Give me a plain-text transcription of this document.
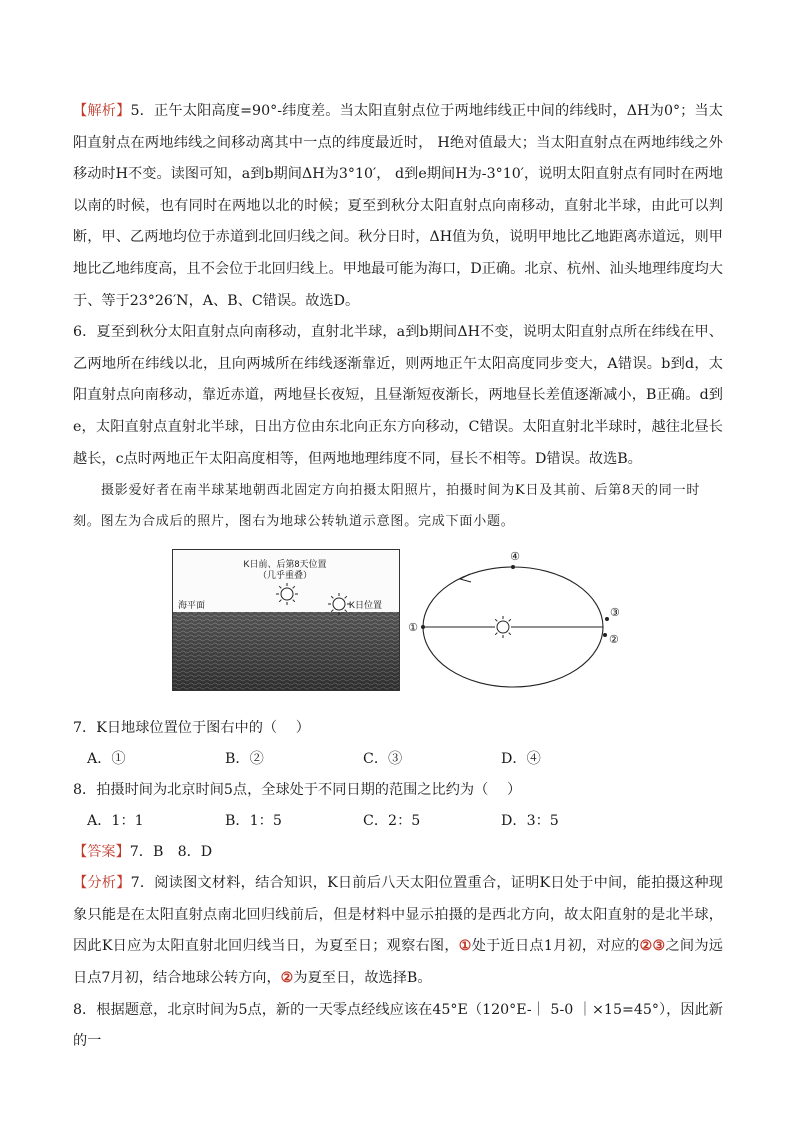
【解析】5．正午太阳高度=90°-纬度差。当太阳直射点位于两地纬线正中间的纬线时，ΔH为0°；当太阳直射点在两地纬线之间移动离其中一点的纬度最近时， H绝对值最大；当太阳直射点在两地纬线之外移动时H不变。读图可知，a到b期间ΔH为3°10′， d到e期间H为-3°10′，说明太阳直射点有同时在两地以南的时候，也有同时在两地以北的时候；夏至到秋分太阳直射点向南移动，直射北半球，由此可以判断，甲、乙两地均位于赤道到北回归线之间。秋分日时，ΔH值为负，说明甲地比乙地距离赤道远，则甲地比乙地纬度高，且不会位于北回归线上。甲地最可能为海口，D正确。北京、杭州、汕头地理纬度均大于、等于23°26′N，A、B、C错误。故选D。

6．夏至到秋分太阳直射点向南移动，直射北半球，a到b期间ΔH不变，说明太阳直射点所在纬线在甲、乙两地所在纬线以北，且向两城所在纬线逐渐靠近，则两地正午太阳高度同步变大，A错误。b到d，太阳直射点向南移动，靠近赤道，两地昼长夜短，且昼渐短夜渐长，两地昼长差值逐渐减小，B正确。d到e，太阳直射点直射北半球，日出方位由东北向正东方向移动，C错误。太阳直射北半球时，越往北昼长越长，c点时两地正午太阳高度相等，但两地地理纬度不同，昼长不相等。D错误。故选B。

摄影爱好者在南半球某地朝西北固定方向拍摄太阳照片，拍摄时间为K日及其前、后第8天的同一时

刻。图左为合成后的照片，图右为地球公转轨道示意图。完成下面小题。

K日前、后第8天位置
（几乎重叠）
海平面	K日位置
①
④
③
②

7．K日地球位置位于图右中的（　 ）

A．①	B．②	C．③	D．④

8．拍摄时间为北京时间5点，全球处于不同日期的范围之比约为（　 ）

A．1：1	B．1：5	C．2：5	D．3：5

【答案】7．B　8．D

【分析】7．阅读图文材料，结合知识，K日前后八天太阳位置重合，证明K日处于中间，能拍摄这种现象只能是在太阳直射点南北回归线前后，但是材料中显示拍摄的是西北方向，故太阳直射的是北半球，因此K日应为太阳直射北回归线当日，为夏至日；观察右图，①处于近日点1月初，对应的②③之间为远日点7月初，结合地球公转方向，②为夏至日，故选择B。

8．根据题意，北京时间为5点，新的一天零点经线应该在45°E（120°E-｜ 5-0 ｜×15=45°），因此新的一
